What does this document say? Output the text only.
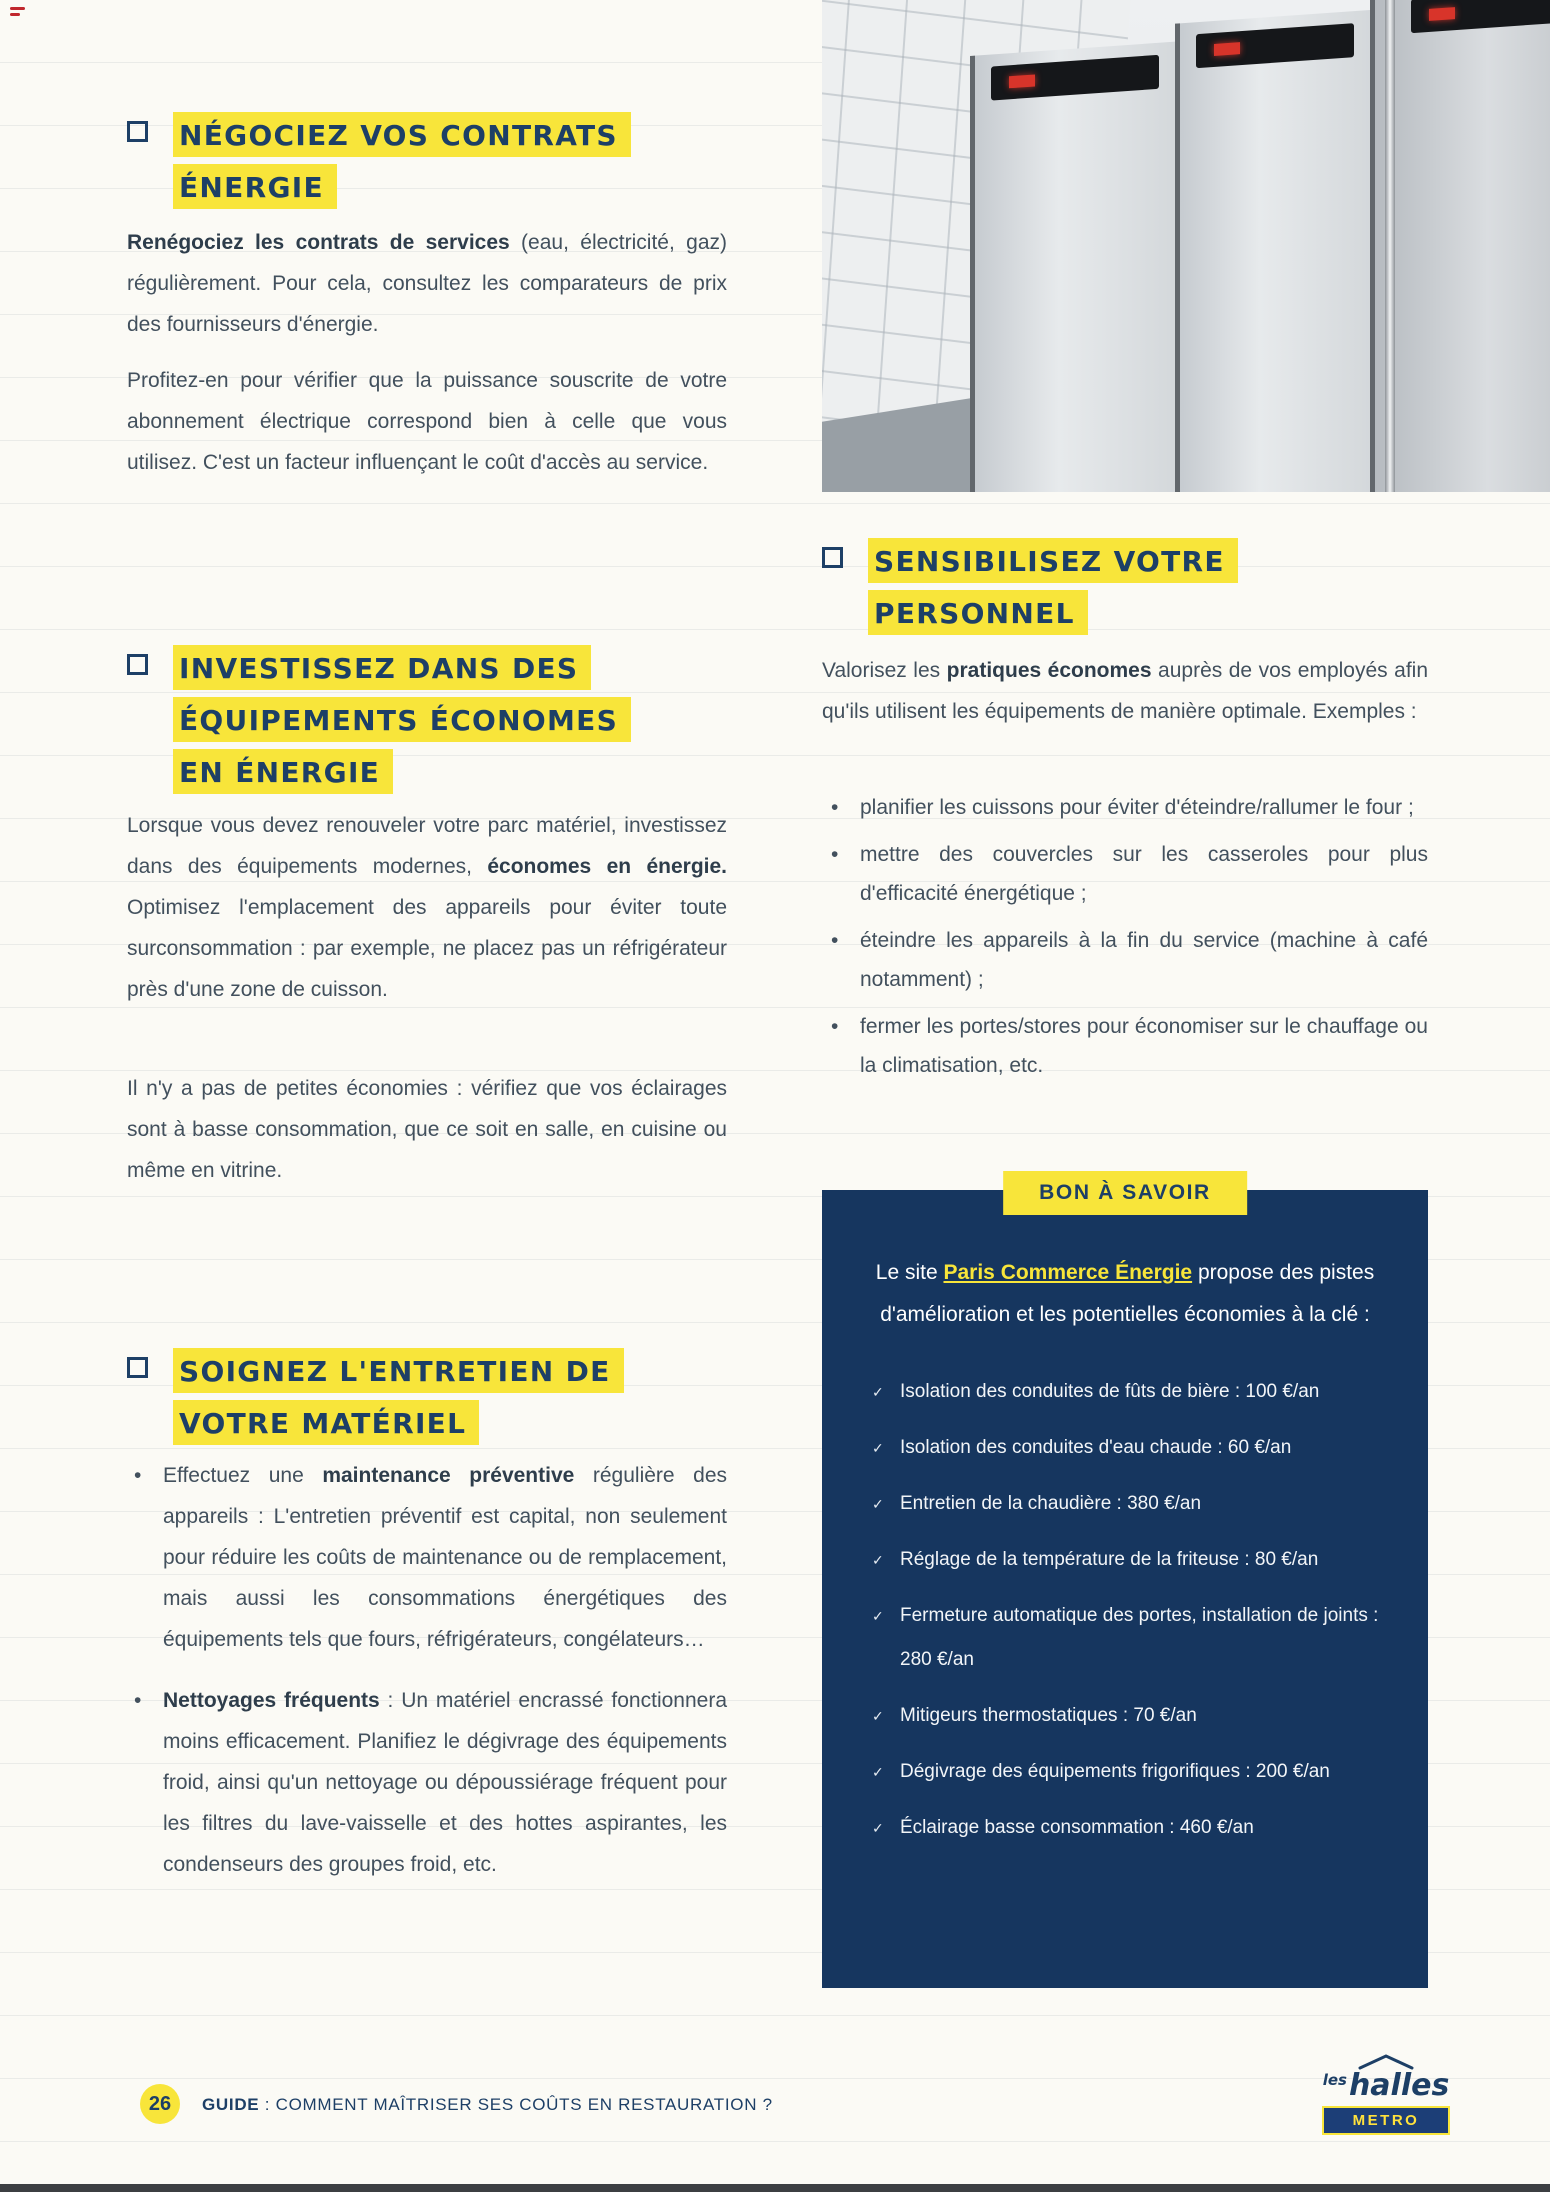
NÉGOCIEZ VOS CONTRATS
ÉNERGIE

Renégociez les contrats de services (eau, électricité, gaz) régulièrement. Pour cela, consultez les comparateurs de prix des fournisseurs d'énergie.

Profitez-en pour vérifier que la puissance souscrite de votre abonnement électrique correspond bien à celle que vous utilisez. C'est un facteur influençant le coût d'accès au service.

INVESTISSEZ DANS DES
ÉQUIPEMENTS ÉCONOMES
EN ÉNERGIE

Lorsque vous devez renouveler votre parc matériel, investissez dans des équipements modernes, économes en énergie. Optimisez l'emplacement des appareils pour éviter toute surconsommation : par exemple, ne placez pas un réfrigérateur près d'une zone de cuisson.

Il n'y a pas de petites économies : vérifiez que vos éclairages sont à basse consommation, que ce soit en salle, en cuisine ou même en vitrine.

SOIGNEZ L'ENTRETIEN DE
VOTRE MATÉRIEL
• Effectuez une maintenance préventive régulière des appareils : L'entretien préventif est capital, non seulement pour réduire les coûts de maintenance ou de remplacement, mais aussi les consommations énergétiques des équipements tels que fours, réfrigérateurs, congélateurs…
• Nettoyages fréquents : Un matériel encrassé fonctionnera moins efficacement. Planifiez le dégivrage des équipements froid, ainsi qu'un nettoyage ou dépoussiérage fréquent pour les filtres du lave-vaisselle et des hottes aspirantes, les condenseurs des groupes froid, etc.
SENSIBILISEZ VOTRE
PERSONNEL

Valorisez les pratiques économes auprès de vos employés afin qu'ils utilisent les équipements de manière optimale. Exemples :

• planifier les cuissons pour éviter d'éteindre/rallumer le four ;
• mettre des couvercles sur les casseroles pour plus d'efficacité énergétique ;
• éteindre les appareils à la fin du service (machine à café notamment) ;
• fermer les portes/stores pour économiser sur le chauffage ou la climatisation, etc.
BON À SAVOIR

Le site Paris Commerce Énergie propose des pistes d'amélioration et les potentielles économies à la clé :

✓ Isolation des conduites de fûts de bière : 100 €/an
✓ Isolation des conduites d'eau chaude : 60 €/an
✓ Entretien de la chaudière : 380 €/an
✓ Réglage de la température de la friteuse : 80 €/an
✓ Fermeture automatique des portes, installation de joints : 280 €/an
✓ Mitigeurs thermostatiques : 70 €/an
✓ Dégivrage des équipements frigorifiques : 200 €/an
✓ Éclairage basse consommation : 460 €/an
26	GUIDE : COMMENT MAÎTRISER SES COÛTS EN RESTAURATION ?
$^{les}$halles
METRO
